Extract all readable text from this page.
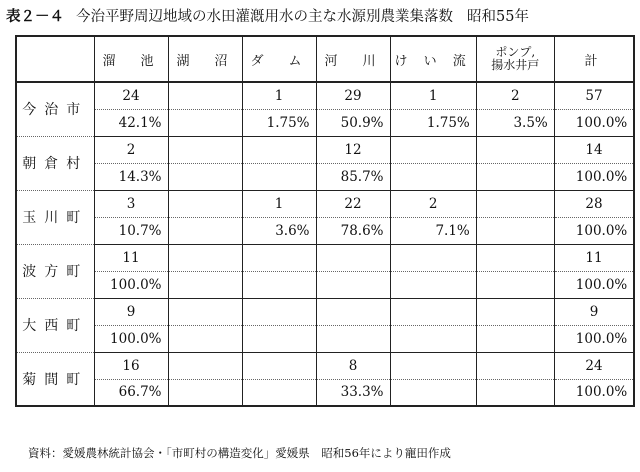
表２－４ 今治平野周辺地域の水田灌漑用水の主な水源別農業集落数 昭和55年
	溜　池	湖　沼	ダ　ム	河　川	け い 流	ポンプ,
揚水井戸	計
今治市	24		1	29	1	2	57
	42.1%		1.75%	50.9%	1.75%	3.5%	100.0%
朝倉村	2			12			14
	14.3%			85.7%			100.0%
玉川町	3		1	22	2		28
	10.7%		3.6%	78.6%	7.1%		100.0%
波方町	11						11
	100.0%						100.0%
大西町	9						9
	100.0%						100.0%
菊間町	16			8			24
	66.7%			33.3%			100.0%
資料：愛媛農林統計協会・「市町村の構造変化」愛媛県　昭和56年により寵田作成
